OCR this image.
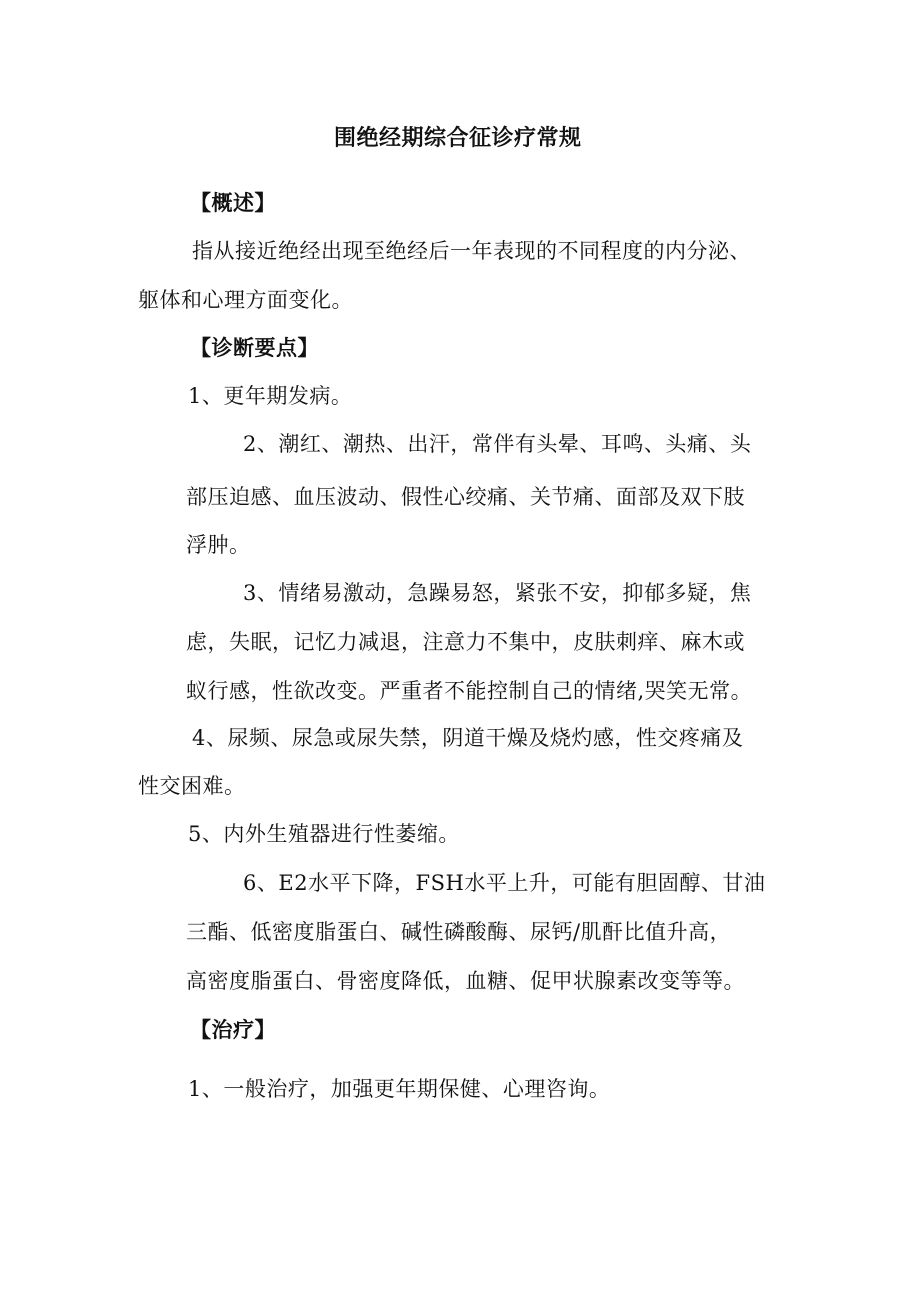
围绝经期综合征诊疗常规
【概述】
指从接近绝经出现至绝经后一年表现的不同程度的内分泌、
躯体和心理方面变化。
【诊断要点】
1、更年期发病。
2、潮红、潮热、出汗，常伴有头晕、耳鸣、头痛、头
部压迫感、血压波动、假性心绞痛、关节痛、面部及双下肢
浮肿。
3、情绪易激动，急躁易怒，紧张不安，抑郁多疑，焦
虑，失眠，记忆力减退，注意力不集中，皮肤刺痒、麻木或
蚁行感，性欲改变。严重者不能控制自己的情绪,哭笑无常。
4、尿频、尿急或尿失禁，阴道干燥及烧灼感，性交疼痛及
性交困难。
5、内外生殖器进行性萎缩。
6、E2水平下降，FSH水平上升，可能有胆固醇、甘油
三酯、低密度脂蛋白、碱性磷酸酶、尿钙/肌酐比值升高，
高密度脂蛋白、骨密度降低，血糖、促甲状腺素改变等等。
【治疗】
1、一般治疗，加强更年期保健、心理咨询。
